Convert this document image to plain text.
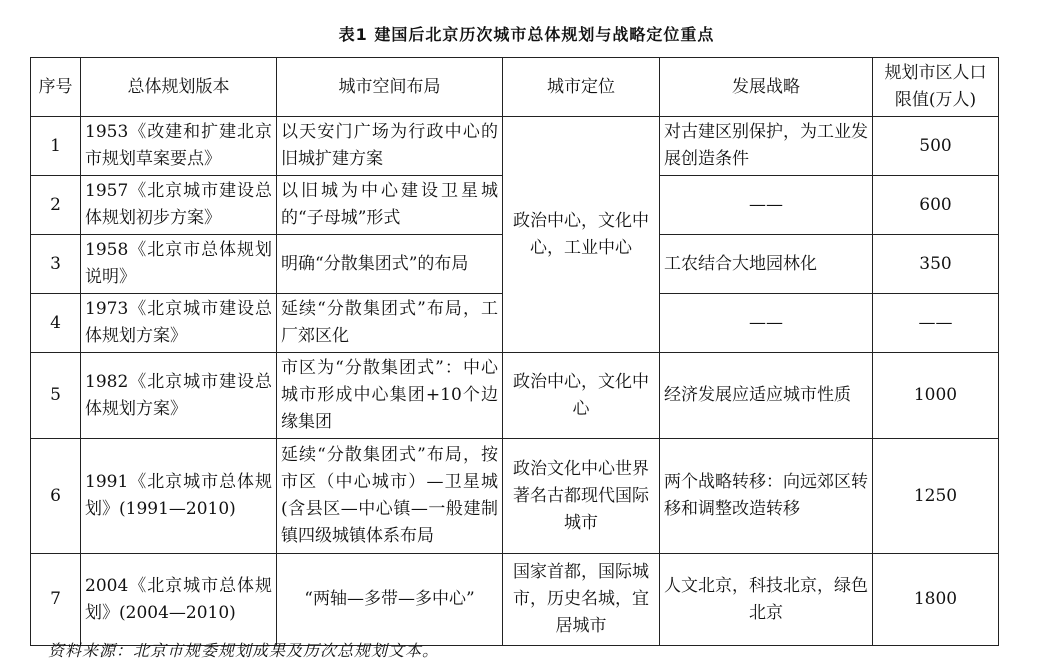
表1 建国后北京历次城市总体规划与战略定位重点
序号	总体规划版本	城市空间布局	城市定位	发展战略	规划市区人口限值(万人)
1	1953《改建和扩建北京市规划草案要点》	以天安门广场为行政中心的旧城扩建方案	政治中心，文化中心，工业中心	对古建区别保护，为工业发展创造条件	500
2	1957《北京城市建设总体规划初步方案》	以旧城为中心建设卫星城的“子母城”形式		——	600
3	1958《北京市总体规划说明》	明确“分散集团式”的布局		工农结合大地园林化	350
4	1973《北京城市建设总体规划方案》	延续“分散集团式”布局，工厂郊区化		——	——
5	1982《北京城市建设总体规划方案》	市区为“分散集团式”：中心城市形成中心集团+10个边缘集团	政治中心，文化中心	经济发展应适应城市性质	1000
6	1991《北京城市总体规划》(1991—2010)	延续“分散集团式”布局，按市区（中心城市）—卫星城(含县区—中心镇—一般建制镇四级城镇体系布局	政治文化中心世界著名古都现代国际城市	两个战略转移：向远郊区转移和调整改造转移	1250
7	2004《北京城市总体规划》(2004—2010)	“两轴—多带—多中心”	国家首都，国际城市，历史名城，宜居城市	人文北京，科技北京，绿色北京	1800
资料来源：北京市规委规划成果及历次总规划文本。
